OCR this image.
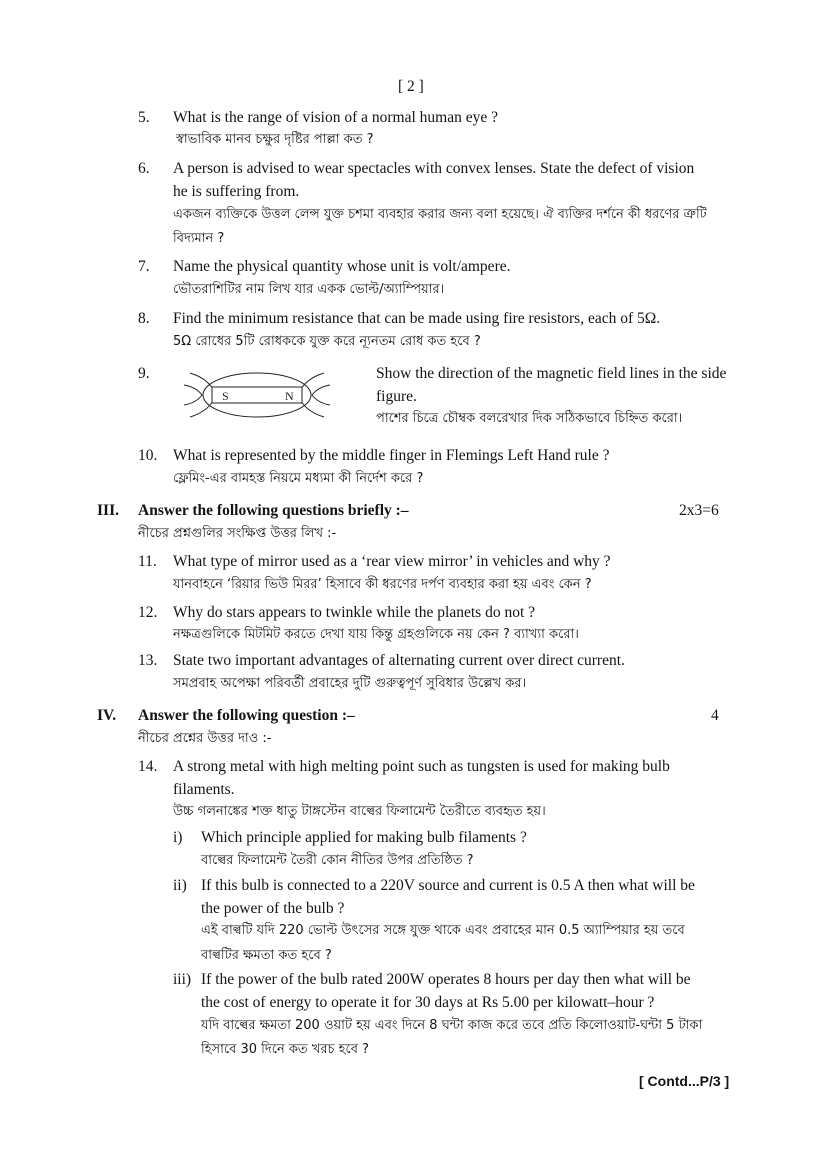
[ 2 ]
5. What is the range of vision of a normal human eye ?
স্বাভাবিক মানব চক্ষুর দৃষ্টির পাল্লা কত ?
6. A person is advised to wear spectacles with convex lenses. State the defect of vision
he is suffering from.
একজন ব্যক্তিকে উত্তল লেন্স যুক্ত চশমা ব্যবহার করার জন্য বলা হয়েছে। ঐ ব্যক্তির দর্শনে কী ধরণের ত্রুটি
বিদ্যমান ?
7. Name the physical quantity whose unit is volt/ampere.
ভৌতরাশিটির নাম লিখ যার একক ভোল্ট/অ্যাম্পিয়ার।
8. Find the minimum resistance that can be made using fire resistors, each of 5Ω.
5Ω রোধের 5টি রোধককে যুক্ত করে ন্যূনতম রোধ কত হবে ?
9.
S	N
Show the direction of the magnetic field lines in the side
figure.
পাশের চিত্রে চৌম্বক বলরেখার দিক সঠিকভাবে চিহ্নিত করো।
10. What is represented by the middle finger in Flemings Left Hand rule ?
ফ্লেমিং-এর বামহস্ত নিয়মে মধ্যমা কী নির্দেশ করে ?
III. Answer the following questions briefly :–	2x3=6
নীচের প্রশ্নগুলির সংক্ষিপ্ত উত্তর লিখ :-
11. What type of mirror used as a ‘rear view mirror’ in vehicles and why ?
যানবাহনে ‘রিয়ার ভিউ মিরর’ হিসাবে কী ধরণের দর্পণ ব্যবহার করা হয় এবং কেন ?
12. Why do stars appears to twinkle while the planets do not ?
নক্ষত্রগুলিকে মিটমিট করতে দেখা যায় কিন্তু গ্রহগুলিকে নয় কেন ? ব্যাখ্যা করো।
13. State two important advantages of alternating current over direct current.
সমপ্রবাহ অপেক্ষা পরিবর্তী প্রবাহের দুটি গুরুত্বপূর্ণ সুবিধার উল্লেখ কর।
IV. Answer the following question :–	4
নীচের প্রশ্নের উত্তর দাও :-
14. A strong metal with high melting point such as tungsten is used for making bulb
filaments.
উচ্চ গলনাঙ্কের শক্ত ধাতু টাঙ্গস্টেন বাল্বের ফিলামেন্ট তৈরীতে ব্যবহৃত হয়।
i) Which principle applied for making bulb filaments ?
বাল্বের ফিলামেন্ট তৈরী কোন নীতির উপর প্রতিষ্ঠিত ?
ii) If this bulb is connected to a 220V source and current is 0.5 A then what will be
the power of the bulb ?
এই বাল্বটি যদি 220 ভোল্ট উৎসের সঙ্গে যুক্ত থাকে এবং প্রবাহের মান 0.5 অ্যাম্পিয়ার হয় তবে
বাল্বটির ক্ষমতা কত হবে ?
iii) If the power of the bulb rated 200W operates 8 hours per day then what will be
the cost of energy to operate it for 30 days at Rs 5.00 per kilowatt–hour ?
যদি বাল্বের ক্ষমতা 200 ওয়াট হয় এবং দিনে 8 ঘন্টা কাজ করে তবে প্রতি কিলোওয়াট-ঘন্টা 5 টাকা
হিসাবে 30 দিনে কত খরচ হবে ?
[ Contd...P/3 ]
